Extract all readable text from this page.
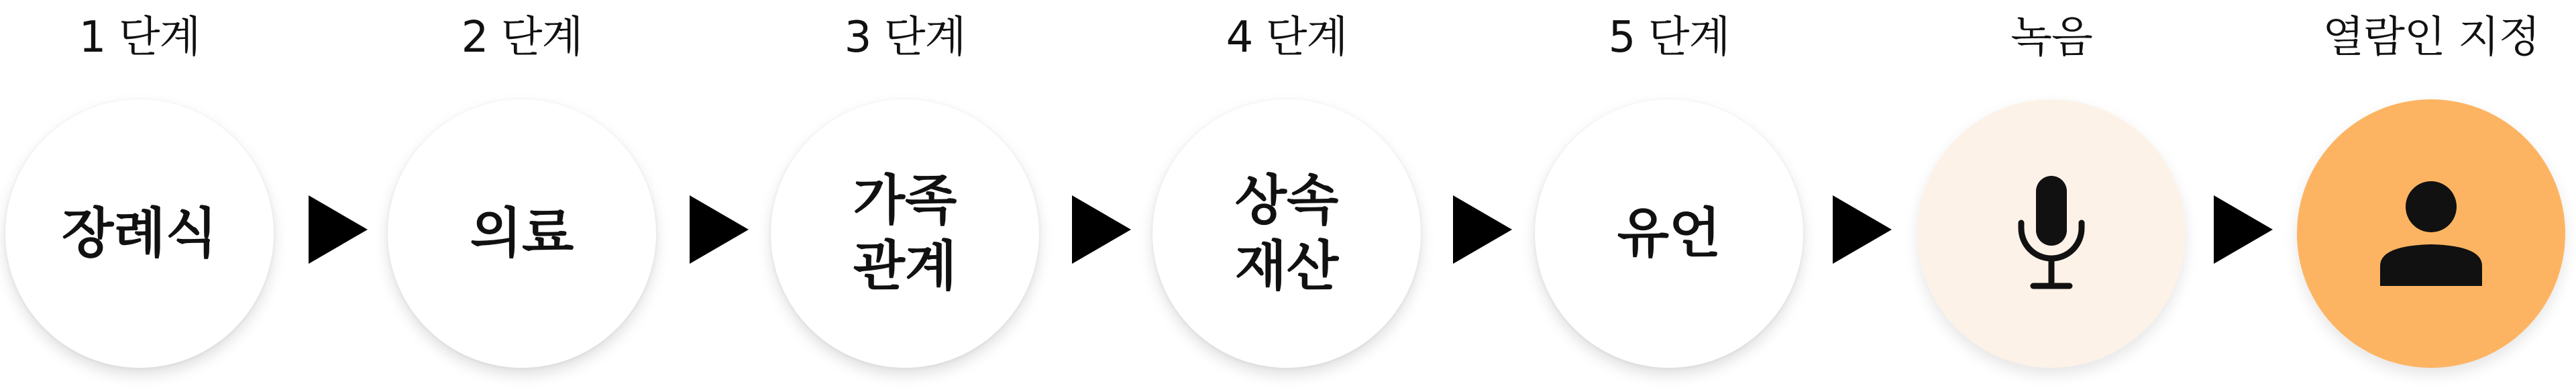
1 단계
장례식
2 단계
의료
3 단계
가족
관계
4 단계
상속
재산
5 단계
유언
녹음	열람인 지정
